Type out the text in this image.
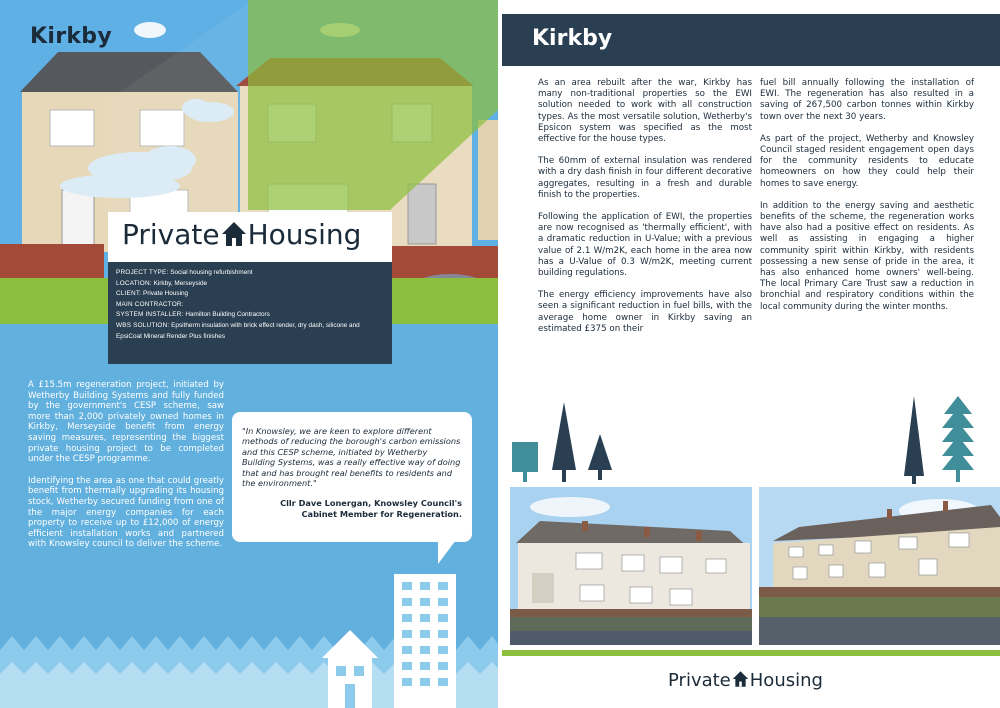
Kirkby
Private Housing
PROJECT TYPE: Social housing refurbishment
LOCATION: Kirkby, Merseyside
CLIENT: Private Housing
MAIN CONTRACTOR:
SYSTEM INSTALLER: Hamilton Building Contractors
WBS SOLUTION: Epsitherm insulation with brick effect render, dry dash, silicone and
EpsiCoat Mineral Render Plus finishes

A £15.5m regeneration project, initiated by Wetherby Building Systems and fully funded by the government's CESP scheme, saw more than 2,000 privately owned homes in Kirkby, Merseyside benefit from energy saving measures, representing the biggest private housing project to be completed under the CESP programme.

Identifying the area as one that could greatly benefit from thermally upgrading its housing stock, Wetherby secured funding from one of the major energy companies for each property to receive up to £12,000 of energy efficient installation works and partnered with Knowsley council to deliver the scheme.

"In Knowsley, we are keen to explore different methods of reducing the borough's carbon emissions and this CESP scheme, initiated by Wetherby Building Systems, was a really effective way of doing that and has brought real benefits to residents and the environment."

Cllr Dave Lonergan, Knowsley Council's
Cabinet Member for Regeneration.
Kirkby

As an area rebuilt after the war, Kirkby has many non-traditional properties so the EWI solution needed to work with all construction types. As the most versatile solution, Wetherby's Epsicon system was specified as the most effective for the house types.

The 60mm of external insulation was rendered with a dry dash finish in four different decorative aggregates, resulting in a fresh and durable finish to the properties.

Following the application of EWI, the properties are now recognised as 'thermally efficient', with a dramatic reduction in U-Value; with a previous value of 2.1 W/m2K, each home in the area now has a U-Value of 0.3 W/m2K, meeting current building regulations.

The energy efficiency improvements have also seen a significant reduction in fuel bills, with the average home owner in Kirkby saving an estimated £375 on their

fuel bill annually following the installation of EWI. The regeneration has also resulted in a saving of 267,500 carbon tonnes within Kirkby town over the next 30 years.

As part of the project, Wetherby and Knowsley Council staged resident engagement open days for the community residents to educate homeowners on how they could help their homes to save energy.

In addition to the energy saving and aesthetic benefits of the scheme, the regeneration works have also had a positive effect on residents. As well as assisting in engaging a higher community spirit within Kirkby, with residents possessing a new sense of pride in the area, it has also enhanced home owners' well-being. The local Primary Care Trust saw a reduction in bronchial and respiratory conditions within the local community during the winter months.

Private Housing
